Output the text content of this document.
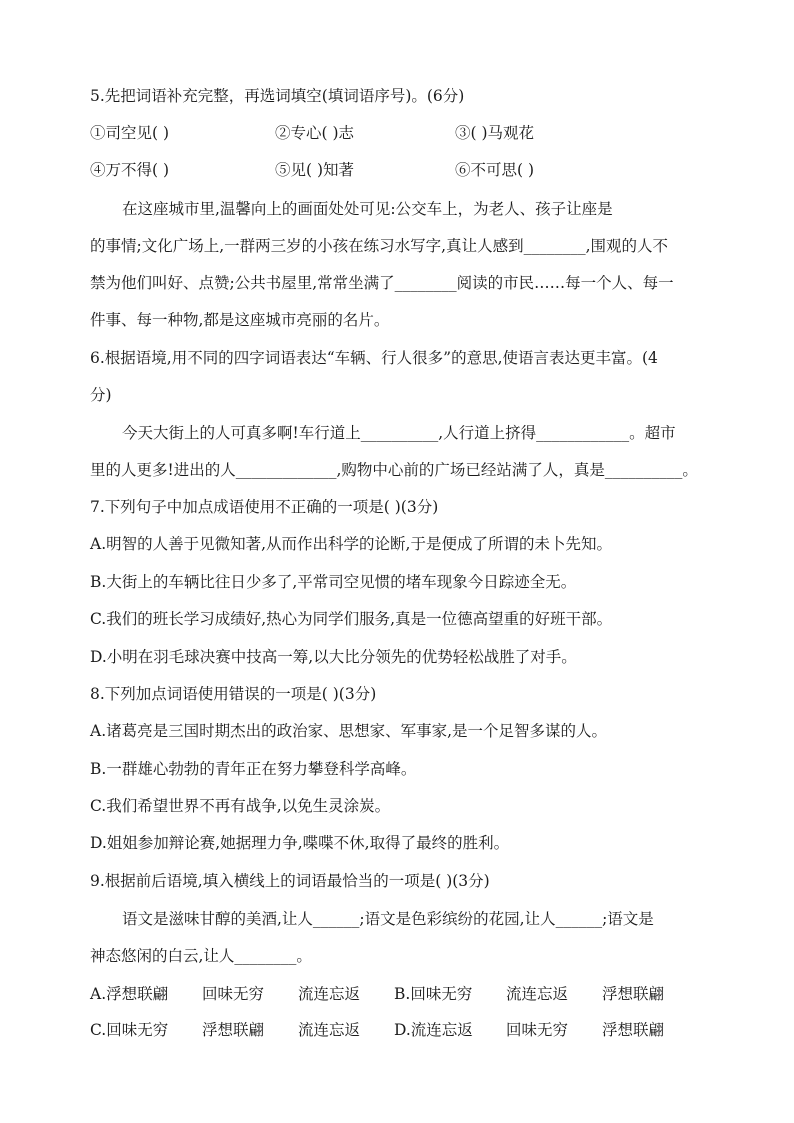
5.先把词语补充完整，再选词填空(填词语序号)。(6分)
①司空见( )	②专心( )志	③( )马观花
④万不得( )	⑤见( )知著	⑥不可思( )
在这座城市里,温馨向上的画面处处可见:公交车上，为老人、孩子让座是
的事情;文化广场上,一群两三岁的小孩在练习水写字,真让人感到________,围观的人不
禁为他们叫好、点赞;公共书屋里,常常坐满了________阅读的市民……每一个人、每一
件事、每一种物,都是这座城市亮丽的名片。
6.根据语境,用不同的四字词语表达“车辆、行人很多”的意思,使语言表达更丰富。(4
分)
今天大街上的人可真多啊!车行道上__________,人行道上挤得____________。超市
里的人更多!进出的人_____________,购物中心前的广场已经站满了人，真是__________。
7.下列句子中加点成语使用不正确的一项是( )(3分)
A.明智的人善于见微知著,从而作出科学的论断,于是便成了所谓的未卜先知。
B.大街上的车辆比往日少多了,平常司空见惯的堵车现象今日踪迹全无。
C.我们的班长学习成绩好,热心为同学们服务,真是一位德高望重的好班干部。
D.小明在羽毛球决赛中技高一筹,以大比分领先的优势轻松战胜了对手。
8.下列加点词语使用错误的一项是( )(3分)
A.诸葛亮是三国时期杰出的政治家、思想家、军事家,是一个足智多谋的人。
B.一群雄心勃勃的青年正在努力攀登科学高峰。
C.我们希望世界不再有战争,以免生灵涂炭。
D.姐姐参加辩论赛,她据理力争,喋喋不休,取得了最终的胜利。
9.根据前后语境,填入横线上的词语最恰当的一项是( )(3分)
语文是滋味甘醇的美酒,让人______;语文是色彩缤纷的花园,让人______;语文是
神态悠闲的白云,让人________。
A.浮想联翩 回味无穷 流连忘返 B.回味无穷 流连忘返 浮想联翩
C.回味无穷 浮想联翩 流连忘返 D.流连忘返 回味无穷 浮想联翩
